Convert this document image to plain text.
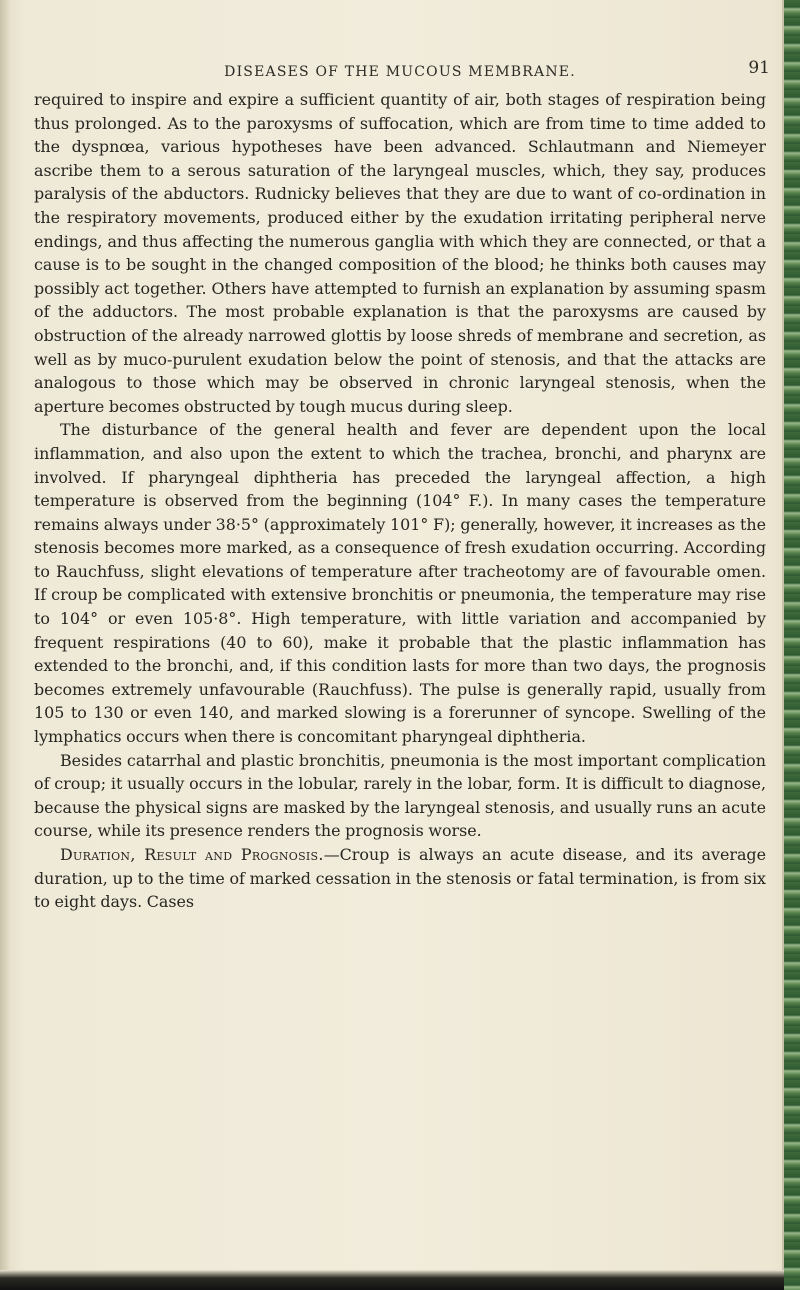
DISEASES OF THE MUCOUS MEMBRANE.	91

required to inspire and expire a sufficient quantity of air, both stages of respiration being thus prolonged. As to the paroxysms of suffocation, which are from time to time added to the dyspnœa, various hypotheses have been advanced. Schlautmann and Niemeyer ascribe them to a serous saturation of the laryngeal muscles, which, they say, produces paralysis of the abductors. Rudnicky believes that they are due to want of co-ordination in the respiratory movements, produced either by the exudation irritating peripheral nerve endings, and thus affecting the numerous ganglia with which they are connected, or that a cause is to be sought in the changed composition of the blood; he thinks both causes may possibly act together. Others have attempted to furnish an explanation by assuming spasm of the adductors. The most probable explanation is that the paroxysms are caused by obstruction of the already narrowed glottis by loose shreds of membrane and secretion, as well as by muco-purulent exudation below the point of stenosis, and that the attacks are analogous to those which may be observed in chronic laryngeal stenosis, when the aperture becomes obstructed by tough mucus during sleep.

The disturbance of the general health and fever are dependent upon the local inflammation, and also upon the extent to which the trachea, bronchi, and pharynx are involved. If pharyngeal diphtheria has preceded the laryngeal affection, a high temperature is observed from the beginning (104° F.). In many cases the temperature remains always under 38·5° (approximately 101° F); generally, however, it increases as the stenosis becomes more marked, as a consequence of fresh exudation occurring. According to Rauchfuss, slight elevations of temperature after tracheotomy are of favourable omen. If croup be complicated with extensive bronchitis or pneumonia, the temperature may rise to 104° or even 105·8°. High temperature, with little variation and accompanied by frequent respirations (40 to 60), make it probable that the plastic inflammation has extended to the bronchi, and, if this condition lasts for more than two days, the prognosis becomes extremely unfavourable (Rauchfuss). The pulse is generally rapid, usually from 105 to 130 or even 140, and marked slowing is a forerunner of syncope. Swelling of the lymphatics occurs when there is concomitant pharyngeal diphtheria.

Besides catarrhal and plastic bronchitis, pneumonia is the most important complication of croup; it usually occurs in the lobular, rarely in the lobar, form. It is difficult to diagnose, because the physical signs are masked by the laryngeal stenosis, and usually runs an acute course, while its presence renders the prognosis worse.

Duration, Result and Prognosis.—Croup is always an acute disease, and its average duration, up to the time of marked cessation in the stenosis or fatal termination, is from six to eight days. Cases
